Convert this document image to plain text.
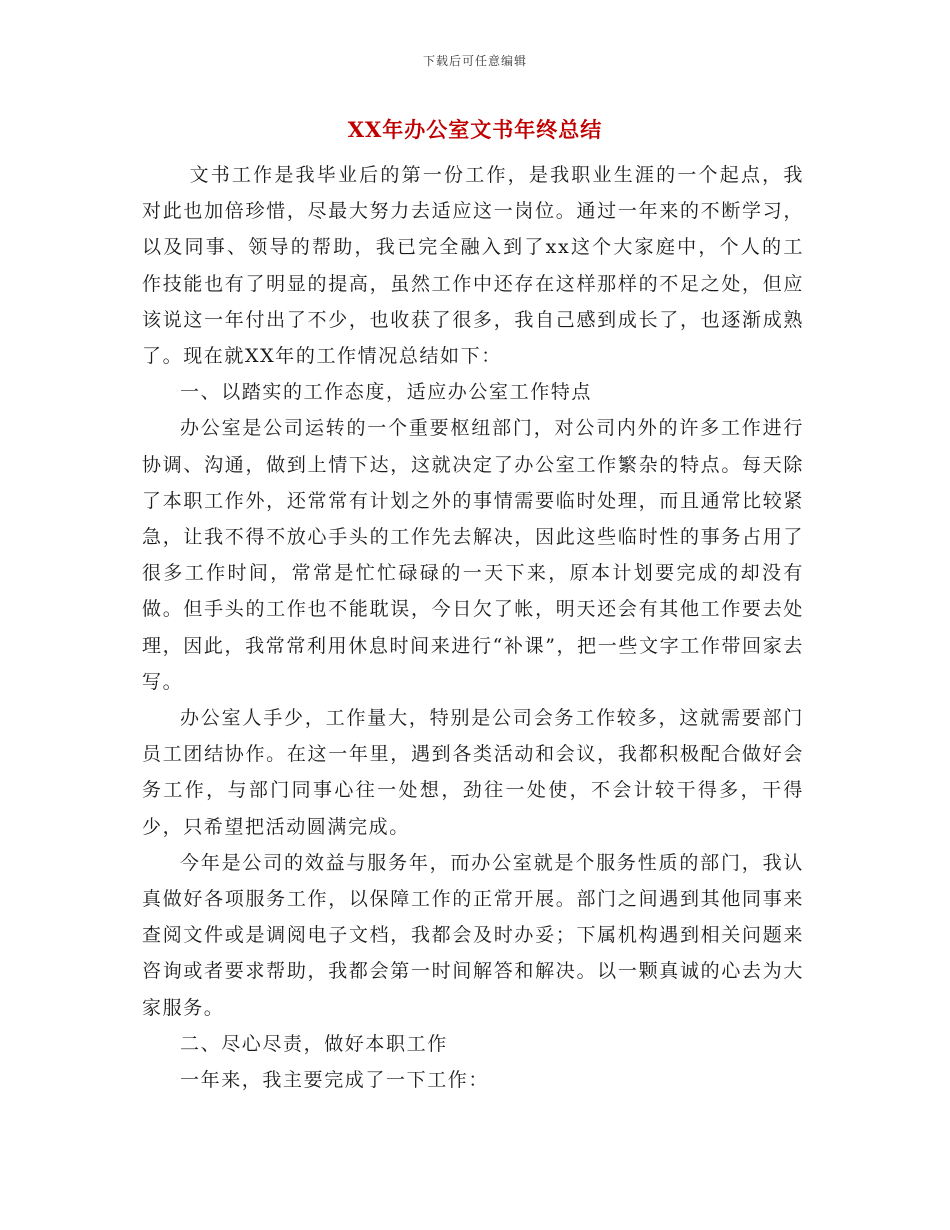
下载后可任意编辑
XX年办公室文书年终总结

文书工作是我毕业后的第一份工作，是我职业生涯的一个起点，我对此也加倍珍惜，尽最大努力去适应这一岗位。通过一年来的不断学习，以及同事、领导的帮助，我已完全融入到了xx这个大家庭中，个人的工作技能也有了明显的提高，虽然工作中还存在这样那样的不足之处，但应该说这一年付出了不少，也收获了很多，我自己感到成长了，也逐渐成熟了。现在就XX年的工作情况总结如下：

一、以踏实的工作态度，适应办公室工作特点

办公室是公司运转的一个重要枢纽部门，对公司内外的许多工作进行协调、沟通，做到上情下达，这就决定了办公室工作繁杂的特点。每天除了本职工作外，还常常有计划之外的事情需要临时处理，而且通常比较紧急，让我不得不放心手头的工作先去解决，因此这些临时性的事务占用了很多工作时间，常常是忙忙碌碌的一天下来，原本计划要完成的却没有做。但手头的工作也不能耽误，今日欠了帐，明天还会有其他工作要去处理，因此，我常常利用休息时间来进行“补课”，把一些文字工作带回家去写。

办公室人手少，工作量大，特别是公司会务工作较多，这就需要部门员工团结协作。在这一年里，遇到各类活动和会议，我都积极配合做好会务工作，与部门同事心往一处想，劲往一处使，不会计较干得多，干得少，只希望把活动圆满完成。

今年是公司的效益与服务年，而办公室就是个服务性质的部门，我认真做好各项服务工作，以保障工作的正常开展。部门之间遇到其他同事来查阅文件或是调阅电子文档，我都会及时办妥；下属机构遇到相关问题来咨询或者要求帮助，我都会第一时间解答和解决。以一颗真诚的心去为大家服务。

二、尽心尽责，做好本职工作

一年来，我主要完成了一下工作：
